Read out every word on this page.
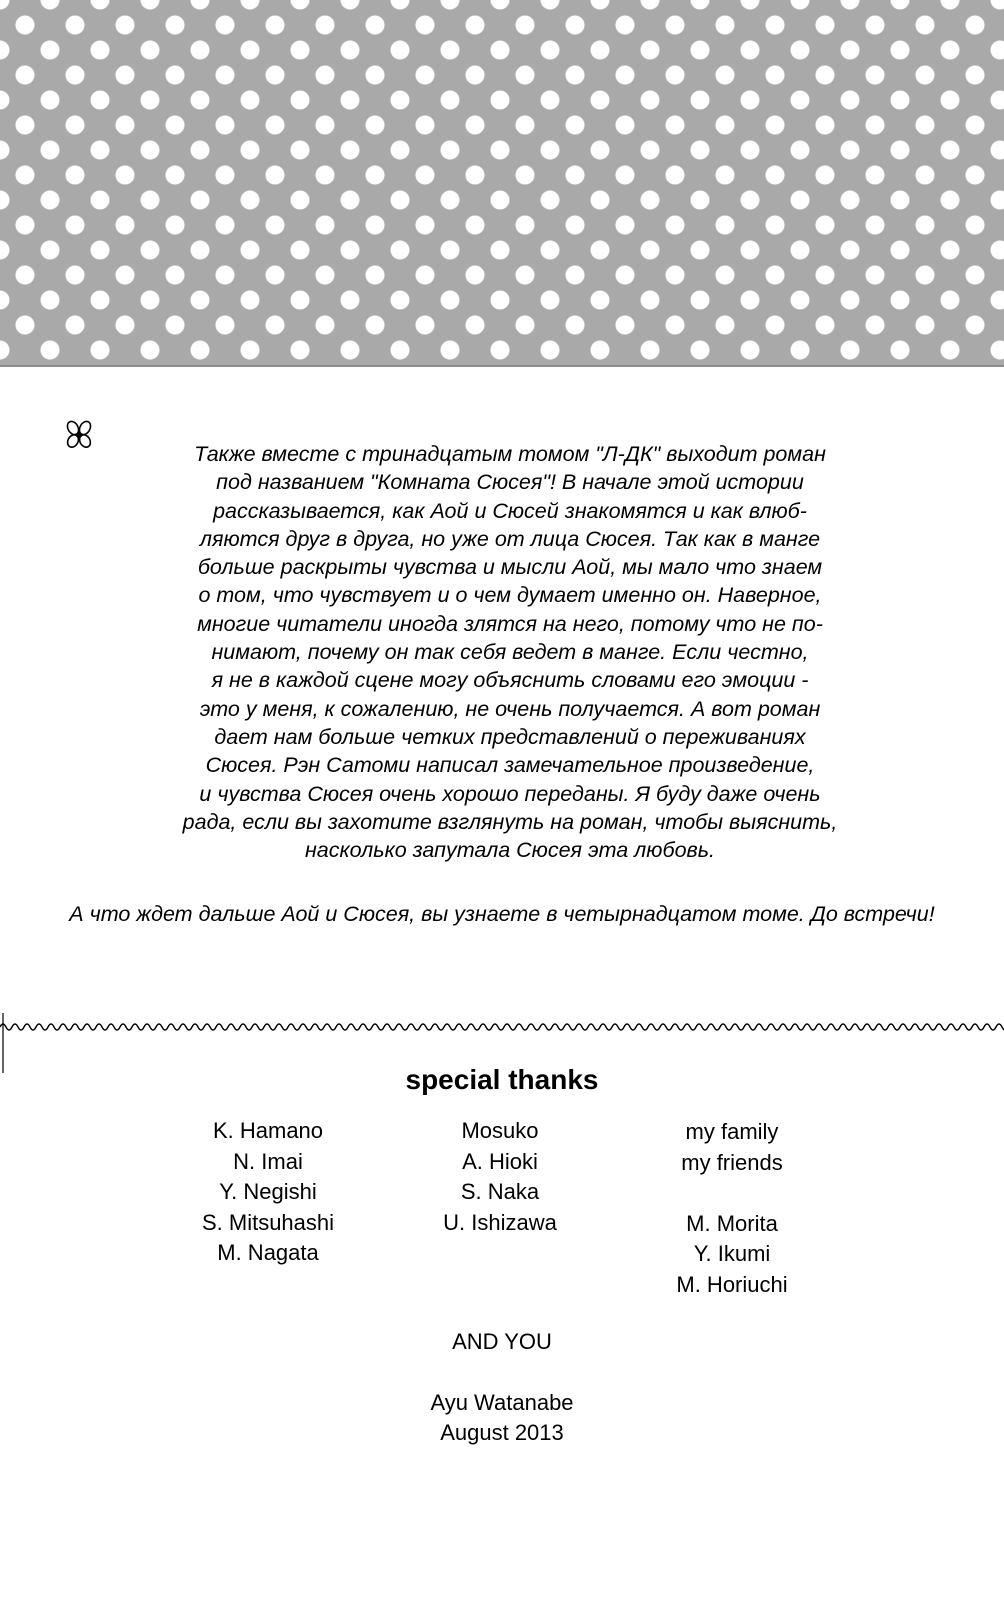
Также вместе с тринадцатым томом "Л-ДК" выходит роман
под названием "Комната Сюсея"! В начале этой истории
рассказывается, как Аой и Сюсей знакомятся и как влюб-
ляются друг в друга, но уже от лица Сюсея. Так как в манге
больше раскрыты чувства и мысли Аой, мы мало что знаем
о том, что чувствует и о чем думает именно он. Наверное,
многие читатели иногда злятся на него, потому что не по-
нимают, почему он так себя ведет в манге. Если честно,
я не в каждой сцене могу объяснить словами его эмоции -
это у меня, к сожалению, не очень получается. А вот роман
дает нам больше четких представлений о переживаниях
Сюсея. Рэн Сатоми написал замечательное произведение,
и чувства Сюсея очень хорошо переданы. Я буду даже очень
рада, если вы захотите взглянуть на роман, чтобы выяснить,
насколько запутала Сюсея эта любовь.
А что ждет дальше Аой и Сюсея, вы узнаете в четырнадцатом томе. До встречи!
special thanks
K. Hamano
N. Imai
Y. Negishi
S. Mitsuhashi
M. Nagata
Mosuko
A. Hioki
S. Naka
U. Ishizawa
my family
my friends
M. Morita
Y. Ikumi
M. Horiuchi
AND YOU
Ayu Watanabe
August 2013
